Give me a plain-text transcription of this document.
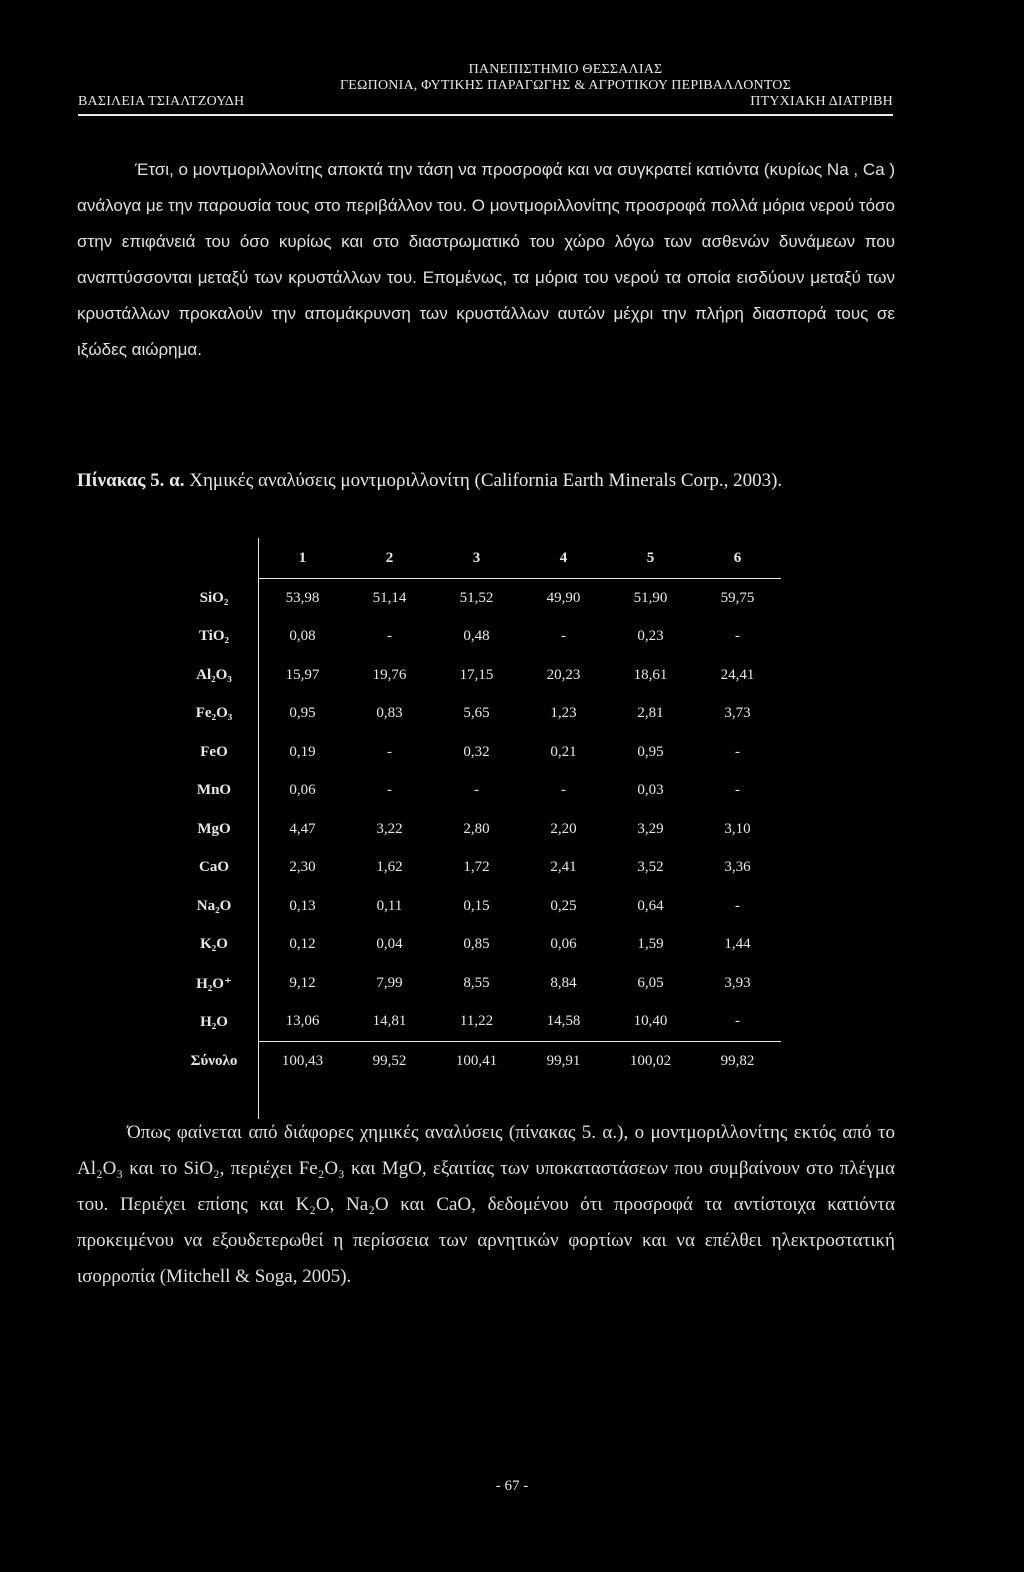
ΠΑΝΕΠΙΣΤΗΜΙΟ ΘΕΣΣΑΛΙΑΣ
ΓΕΩΠΟΝΙΑ, ΦΥΤΙΚΗΣ ΠΑΡΑΓΩΓΗΣ & ΑΓΡΟΤΙΚΟΥ ΠΕΡΙΒΑΛΛΟΝΤΟΣ
ΒΑΣΙΛΕΙΑ ΤΣΙΑΛΤΖΟΥΔΗ	ΠΤΥΧΙΑΚΗ ΔΙΑΤΡΙΒΗ
Έτσι, ο μοντμοριλλονίτης αποκτά την τάση να προσροφά και να συγκρατεί κατιόντα (κυρίως Na , Ca ) ανάλογα με την παρουσία τους στο περιβάλλον του. Ο μοντμοριλλονίτης προσροφά πολλά μόρια νερού τόσο στην επιφάνειά του όσο κυρίως και στο διαστρωματικό του χώρο λόγω των ασθενών δυνάμεων που αναπτύσσονται μεταξύ των κρυστάλλων του. Επομένως, τα μόρια του νερού τα οποία εισδύουν μεταξύ των κρυστάλλων προκαλούν την απομάκρυνση των κρυστάλλων αυτών μέχρι την πλήρη διασπορά τους σε ιξώδες αιώρημα.
Πίνακας 5. α. Χημικές αναλύσεις μοντμοριλλονίτη (California Earth Minerals Corp., 2003).
	1	2	3	4	5	6
SiO₂	53,98	51,14	51,52	49,90	51,90	59,75
TiO₂	0,08	-	0,48	-	0,23	-
Al₂O₃	15,97	19,76	17,15	20,23	18,61	24,41
Fe₂O₃	0,95	0,83	5,65	1,23	2,81	3,73
FeO	0,19	-	0,32	0,21	0,95	-
MnO	0,06	-	-	-	0,03	-
MgO	4,47	3,22	2,80	2,20	3,29	3,10
CaO	2,30	1,62	1,72	2,41	3,52	3,36
Na₂O	0,13	0,11	0,15	0,25	0,64	-
K₂O	0,12	0,04	0,85	0,06	1,59	1,44
H₂O⁺	9,12	7,99	8,55	8,84	6,05	3,93
H₂O	13,06	14,81	11,22	14,58	10,40	-
Σύνολο	100,43	99,52	100,41	99,91	100,02	99,82

Όπως φαίνεται από διάφορες χημικές αναλύσεις (πίνακας 5. α.), ο μοντμοριλλονίτης εκτός από το Al₂O₃ και το SiO₂, περιέχει Fe₂O₃ και MgO, εξαιτίας των υποκαταστάσεων που συμβαίνουν στο πλέγμα του. Περιέχει επίσης και K₂O, Na₂O και CaO, δεδομένου ότι προσροφά τα αντίστοιχα κατιόντα προκειμένου να εξουδετερωθεί η περίσσεια των αρνητικών φορτίων και να επέλθει ηλεκτροστατική ισορροπία (Mitchell & Soga, 2005).
- 67 -
